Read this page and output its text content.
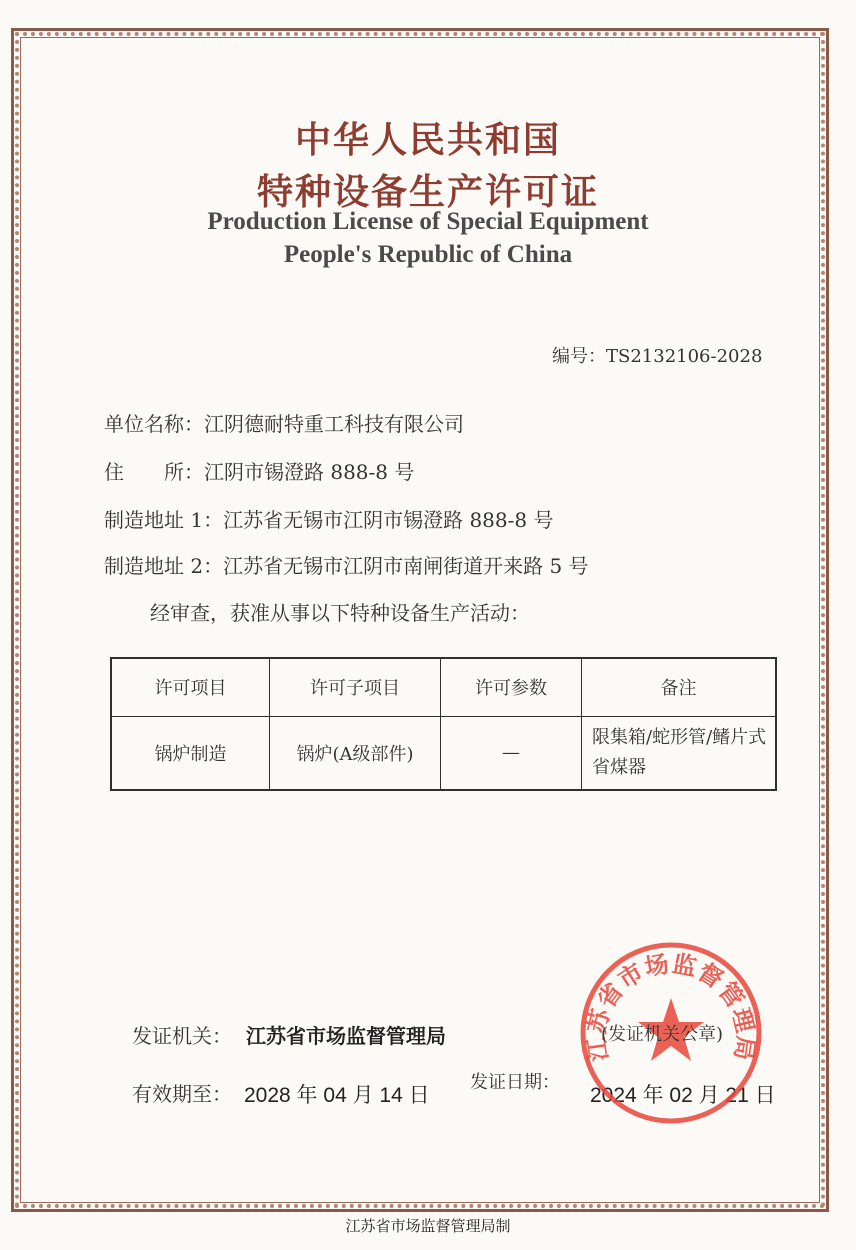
中华人民共和国
特种设备生产许可证
Production License of Special Equipment
People's Republic of China
编号：TS2132106-2028
单位名称：江阴德耐特重工科技有限公司
住　　所：江阴市锡澄路 888-8 号
制造地址 1：江苏省无锡市江阴市锡澄路 888-8 号
制造地址 2：江苏省无锡市江阴市南闸街道开来路 5 号
经审查，获准从事以下特种设备生产活动：
许可项目	许可子项目	许可参数	备注
锅炉制造	锅炉(A级部件)	—	限集箱/蛇形管/鳍片式省煤器
发证机关： 江苏省市场监督管理局
有效期至： 2028 年 04 月 14 日
发证日期：
2024 年 02 月 21 日
江苏省市场监督管理局
(发证机关公章)
江苏省市场监督管理局制
